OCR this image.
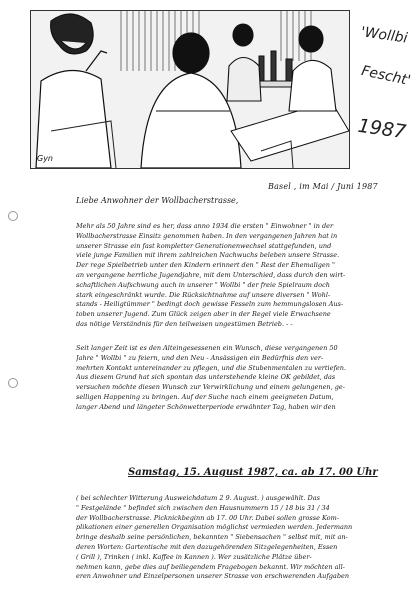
Gyn
'Wollbi
Fescht'
1987
Basel , im Mai / Juni 1987
Liebe Anwohner der Wollbacherstrasse,
Mehr als 50 Jahre sind es her, dass anno 1934 die ersten " Einwohner " in der
Wollbacherstrasse Einsitz genommen haben. In den vergangenen Jahren hat in
unserer Strasse ein fast kompletter Generationenwechsel stattgefunden, und
viele junge Familien mit ihrem zahlreichen Nachwuchs beleben unsere Strasse.
Der rege Spielbetrieb unter den Kindern erinnert den " Rest der Ehemaligen "
an vergangene herrliche Jugendjahre, mit dem Unterschied, dass durch den wirt-
schaftlichen Aufschwung auch in unserer " Wollbi " der freie Spielraum doch
stark eingeschränkt wurde. Die Rücksichtnahme auf unsere diversen " Wohl-
stands - Heiligtümmer " bedingt doch gewisse Fesseln zum hemmungslosen Aus-
toben unserer Jugend. Zum Glück zeigen aber in der Regel viele Erwachsene
das nötige Verständnis für den teilweisen ungestümen Betrieb. - -
Seit langer Zeit ist es den Alteingesessenen ein Wunsch, diese vergangenen 50
Jahre " Wollbi " zu feiern, und den Neu - Ansässigen ein Bedürfnis den ver-
mehrten Kontakt untereinander zu pflegen, und die Stubenmentalen zu vertiefen.
Aus diesem Grund hat sich spontan das unterstehende kleine OK gebildet, das
versuchen möchte diesen Wunsch zur Verwirklichung und einem gelungenen, ge-
selligen Happening zu bringen. Auf der Suche nach einem geeigneten Datum,
langer Abend und längeter Schönwetterperiode erwähnter Tag, haben wir den
Samstag, 15. August 1987, ca. ab 17. 00 Uhr
( bei schlechter Witterung Ausweichdatum 2 9. August. ) ausgewählt. Das
" Festgelände " befindet sich zwischen den Hausnummern 15 / 18 bis 31 / 34
der Wollbacherstrasse. Picknickbeginn ab 17. 00 Uhr. Dabei sollen grosse Kom-
plikationen einer generellen Organisation möglichst vermieden werden. Jedermann
bringe deshalb seine persönlichen, bekannten " Siebensachen " selbst mit, mit an-
deren Worten: Gartentische mit den dazugehörenden Sitzgelegenheiten, Essen
( Grill ), Trinken ( inkl. Kaffee in Kannen ). Wer zusätzliche Plätze über-
nehmen kann, gebe dies auf beiliegendem Fragebogen bekannt. Wir möchten all-
eren Anwohner und Einzelpersonen unserer Strasse von erschwerenden Aufgaben
